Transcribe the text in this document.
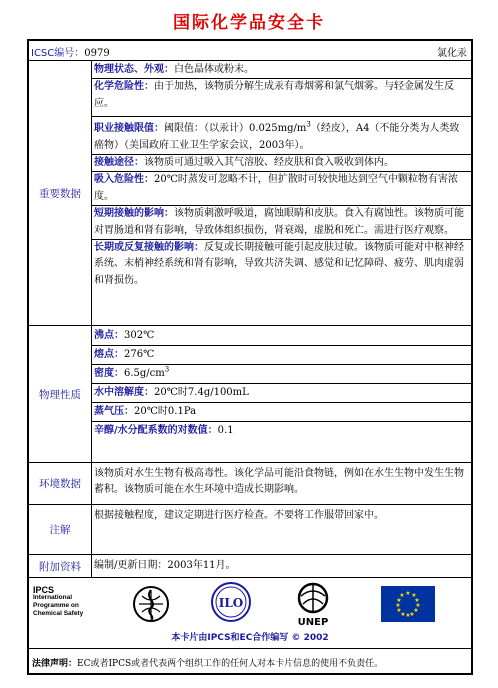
国际化学品安全卡
ICSC编号：0979	氯化汞
重要数据
物理状态、外观：白色晶体或粉末。
化学危险性：由于加热，该物质分解生成汞有毒烟雾和氯气烟雾。与轻金属发生反应。
职业接触限值：阈限值：（以汞计）$0.025mg/m^3$（经皮），A4（不能分类为人类致癌物）（美国政府工业卫生学家会议，2003年）。
接触途径：该物质可通过吸入其气溶胶、经皮肤和食入吸收到体内。
吸入危险性：20℃时蒸发可忽略不计，但扩散时可较快地达到空气中颗粒物有害浓度。
短期接触的影响：该物质刺激呼吸道，腐蚀眼睛和皮肤。食入有腐蚀性。该物质可能对胃肠道和肾有影响，导致体组织损伤，肾衰竭，虚脱和死亡。需进行医疗观察。
长期或反复接触的影响：反复或长期接触可能引起皮肤过敏。该物质可能对中枢神经系统、末梢神经系统和肾有影响，导致共济失调、感觉和记忆障碍、疲劳、肌肉虚弱和肾损伤。
物理性质
沸点：302℃
熔点：276℃
密度：$6.5g/cm^3$
水中溶解度：20℃时7.4g/100mL
蒸气压：20℃时0.1Pa
辛醇/水分配系数的对数值：0.1
环境数据
该物质对水生生物有极高毒性。该化学品可能沿食物链，例如在水生生物中发生生物蓄积。该物质可能在水生环境中造成长期影响。
注解
根据接触程度，建议定期进行医疗检查。不要将工作服带回家中。
附加资料	编制/更新日期：2003年11月。
IPCS
International
Programme on
Chemical Safety
ILO
UNEP
★ ★
★
★
★
★
★
★
★
★
★
★
本卡片由IPCS和EC合作编写 © 2002
法律声明：EC或者IPCS或者代表两个组织工作的任何人对本卡片信息的使用不负责任。
